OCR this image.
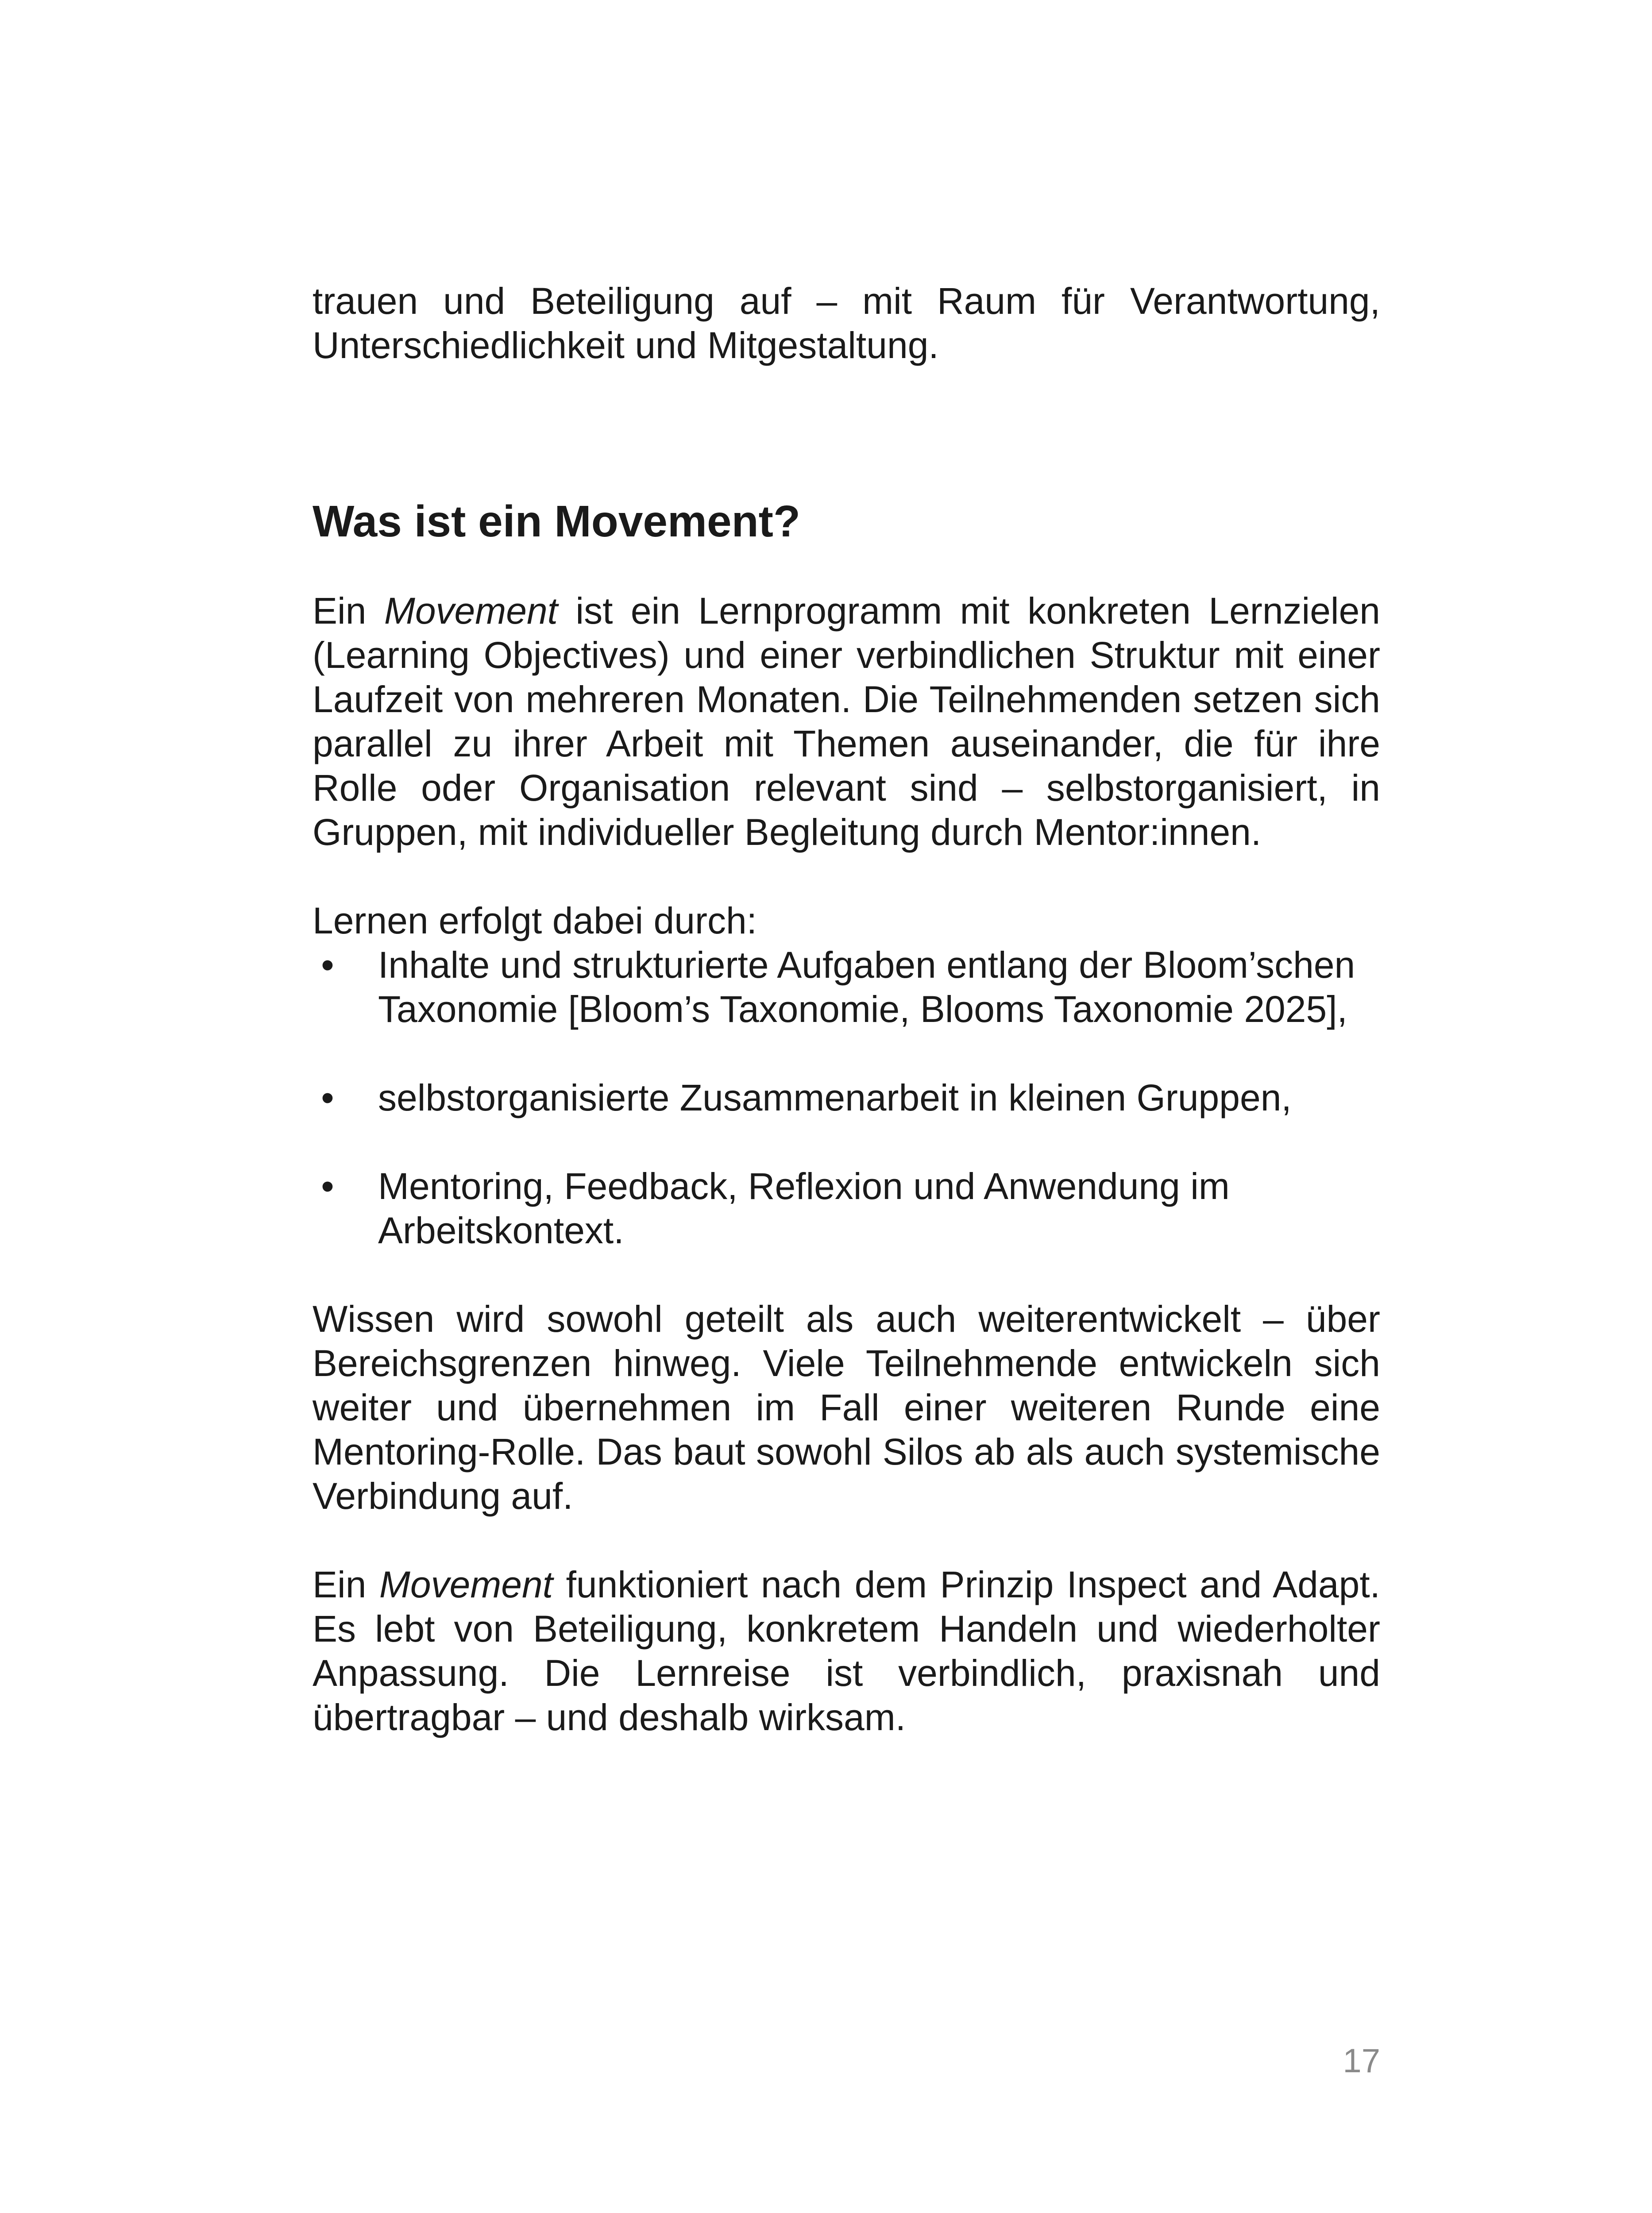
trauen und Beteiligung auf – mit Raum für Verantwortung, Unterschiedlichkeit und Mitgestaltung.

Was ist ein Movement?

Ein Movement ist ein Lernprogramm mit konkreten Lernzielen (Learning Objectives) und einer verbindlichen Struktur mit einer Laufzeit von mehreren Monaten. Die Teilnehmenden setzen sich parallel zu ihrer Arbeit mit Themen auseinander, die für ihre Rolle oder Organisation relevant sind – selbstorganisiert, in Gruppen, mit individueller Begleitung durch Mentor:innen.

Lernen erfolgt dabei durch:

• Inhalte und strukturierte Aufgaben entlang der Bloom’schen Taxonomie [Bloom’s Taxonomie, Blooms Taxonomie 2025],
• selbstorganisierte Zusammenarbeit in kleinen Gruppen,
• Mentoring, Feedback, Reflexion und Anwendung im Arbeitskontext.

Wissen wird sowohl geteilt als auch weiterentwickelt – über Bereichsgrenzen hinweg. Viele Teilnehmende entwickeln sich weiter und übernehmen im Fall einer weiteren Runde eine Mentoring-Rolle. Das baut sowohl Silos ab als auch systemische Verbindung auf.

Ein Movement funktioniert nach dem Prinzip Inspect and Adapt. Es lebt von Beteiligung, konkretem Handeln und wiederholter Anpassung. Die Lernreise ist verbindlich, praxisnah und übertragbar – und deshalb wirksam.

17
